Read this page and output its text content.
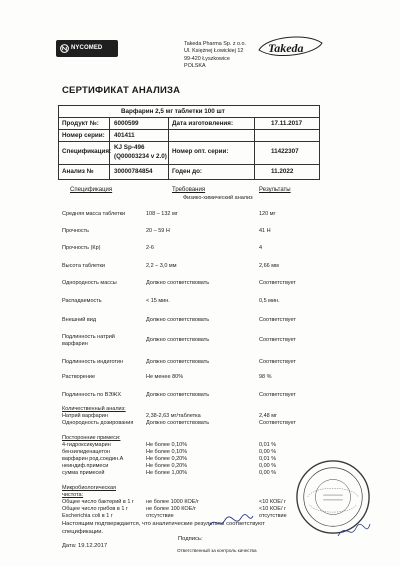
NYCOMED
Takeda Pharma Sp. z o.o.
Ul. Księżnej Łowickiej 12
99-420 Łyszkowice
POLSKA
Takeda
СЕРТИФИКАТ АНАЛИЗА
Варфарин 2,5 мг таблетки 100 шт
Продукт №: 6000599	Дата изготовления:	17.11.2017
Номер серии: 401411
Спецификация:
KJ Sp-496
(Q00003234 v 2.0)
Номер опт. серии:	11422307
Анализ №	30000784854	Годен до:	11.2022
Спецификация	Требования	Результаты
Физико-химический анализ
Средняя масса таблетки	108 – 132 мг	120 мг
Прочность	20 – 59 Н	41 Н
Прочность (Кр)	2-6	4
Высота таблетки	2,2 – 3,0 мм	2,66 мм
Однородность массы	Должно соответствовать	Соответствует
Распадаемость	< 15 мин.	0,5 мин.
Внешний вид	Должно соответствовать	Соответствует
Подлинность натрий
варфарин
Должно соответствовать	Соответствует
Подлинность индиготин	Должно соответствовать	Соответствует
Растворение	Не менее 80%	98 %
Подлинность по ВЭЖХ	Должно соответствовать	Соответствует
Количественный анализ:
Натрий варфарин	2,38-2,63 мг/таблетка	2,48 мг
Однородность дозирования Должно соответствовать	Соответствует
Посторонние примеси:
4-гидроксикумарин	Не более 0,10%	0,01 %
бензилиденацетон	Не более 0,10%	0,00 %
варфарин род.соедин.А	Не более 0,20%	0,01 %
неиндиф.примеси	Не более 0,20%	0,00 %
сумма примесей	Не более 1,00%	0,00 %
Микробиологическая
чистота:
Общее число бактерий в 1 г не более 1000 КОЕ/г	<10 КОЕ/ г
Общее число грибов в 1 г	не более 100 КОЕ/г	<10 КОЕ/ г
Escherichia coli в 1 г	отсутствие	отсутствие
Настоящим подтверждается, что аналитические результаты соответствуют
спецификации.
Подпись:
Дата: 19.12.2017
Ответственный за контроль качества
